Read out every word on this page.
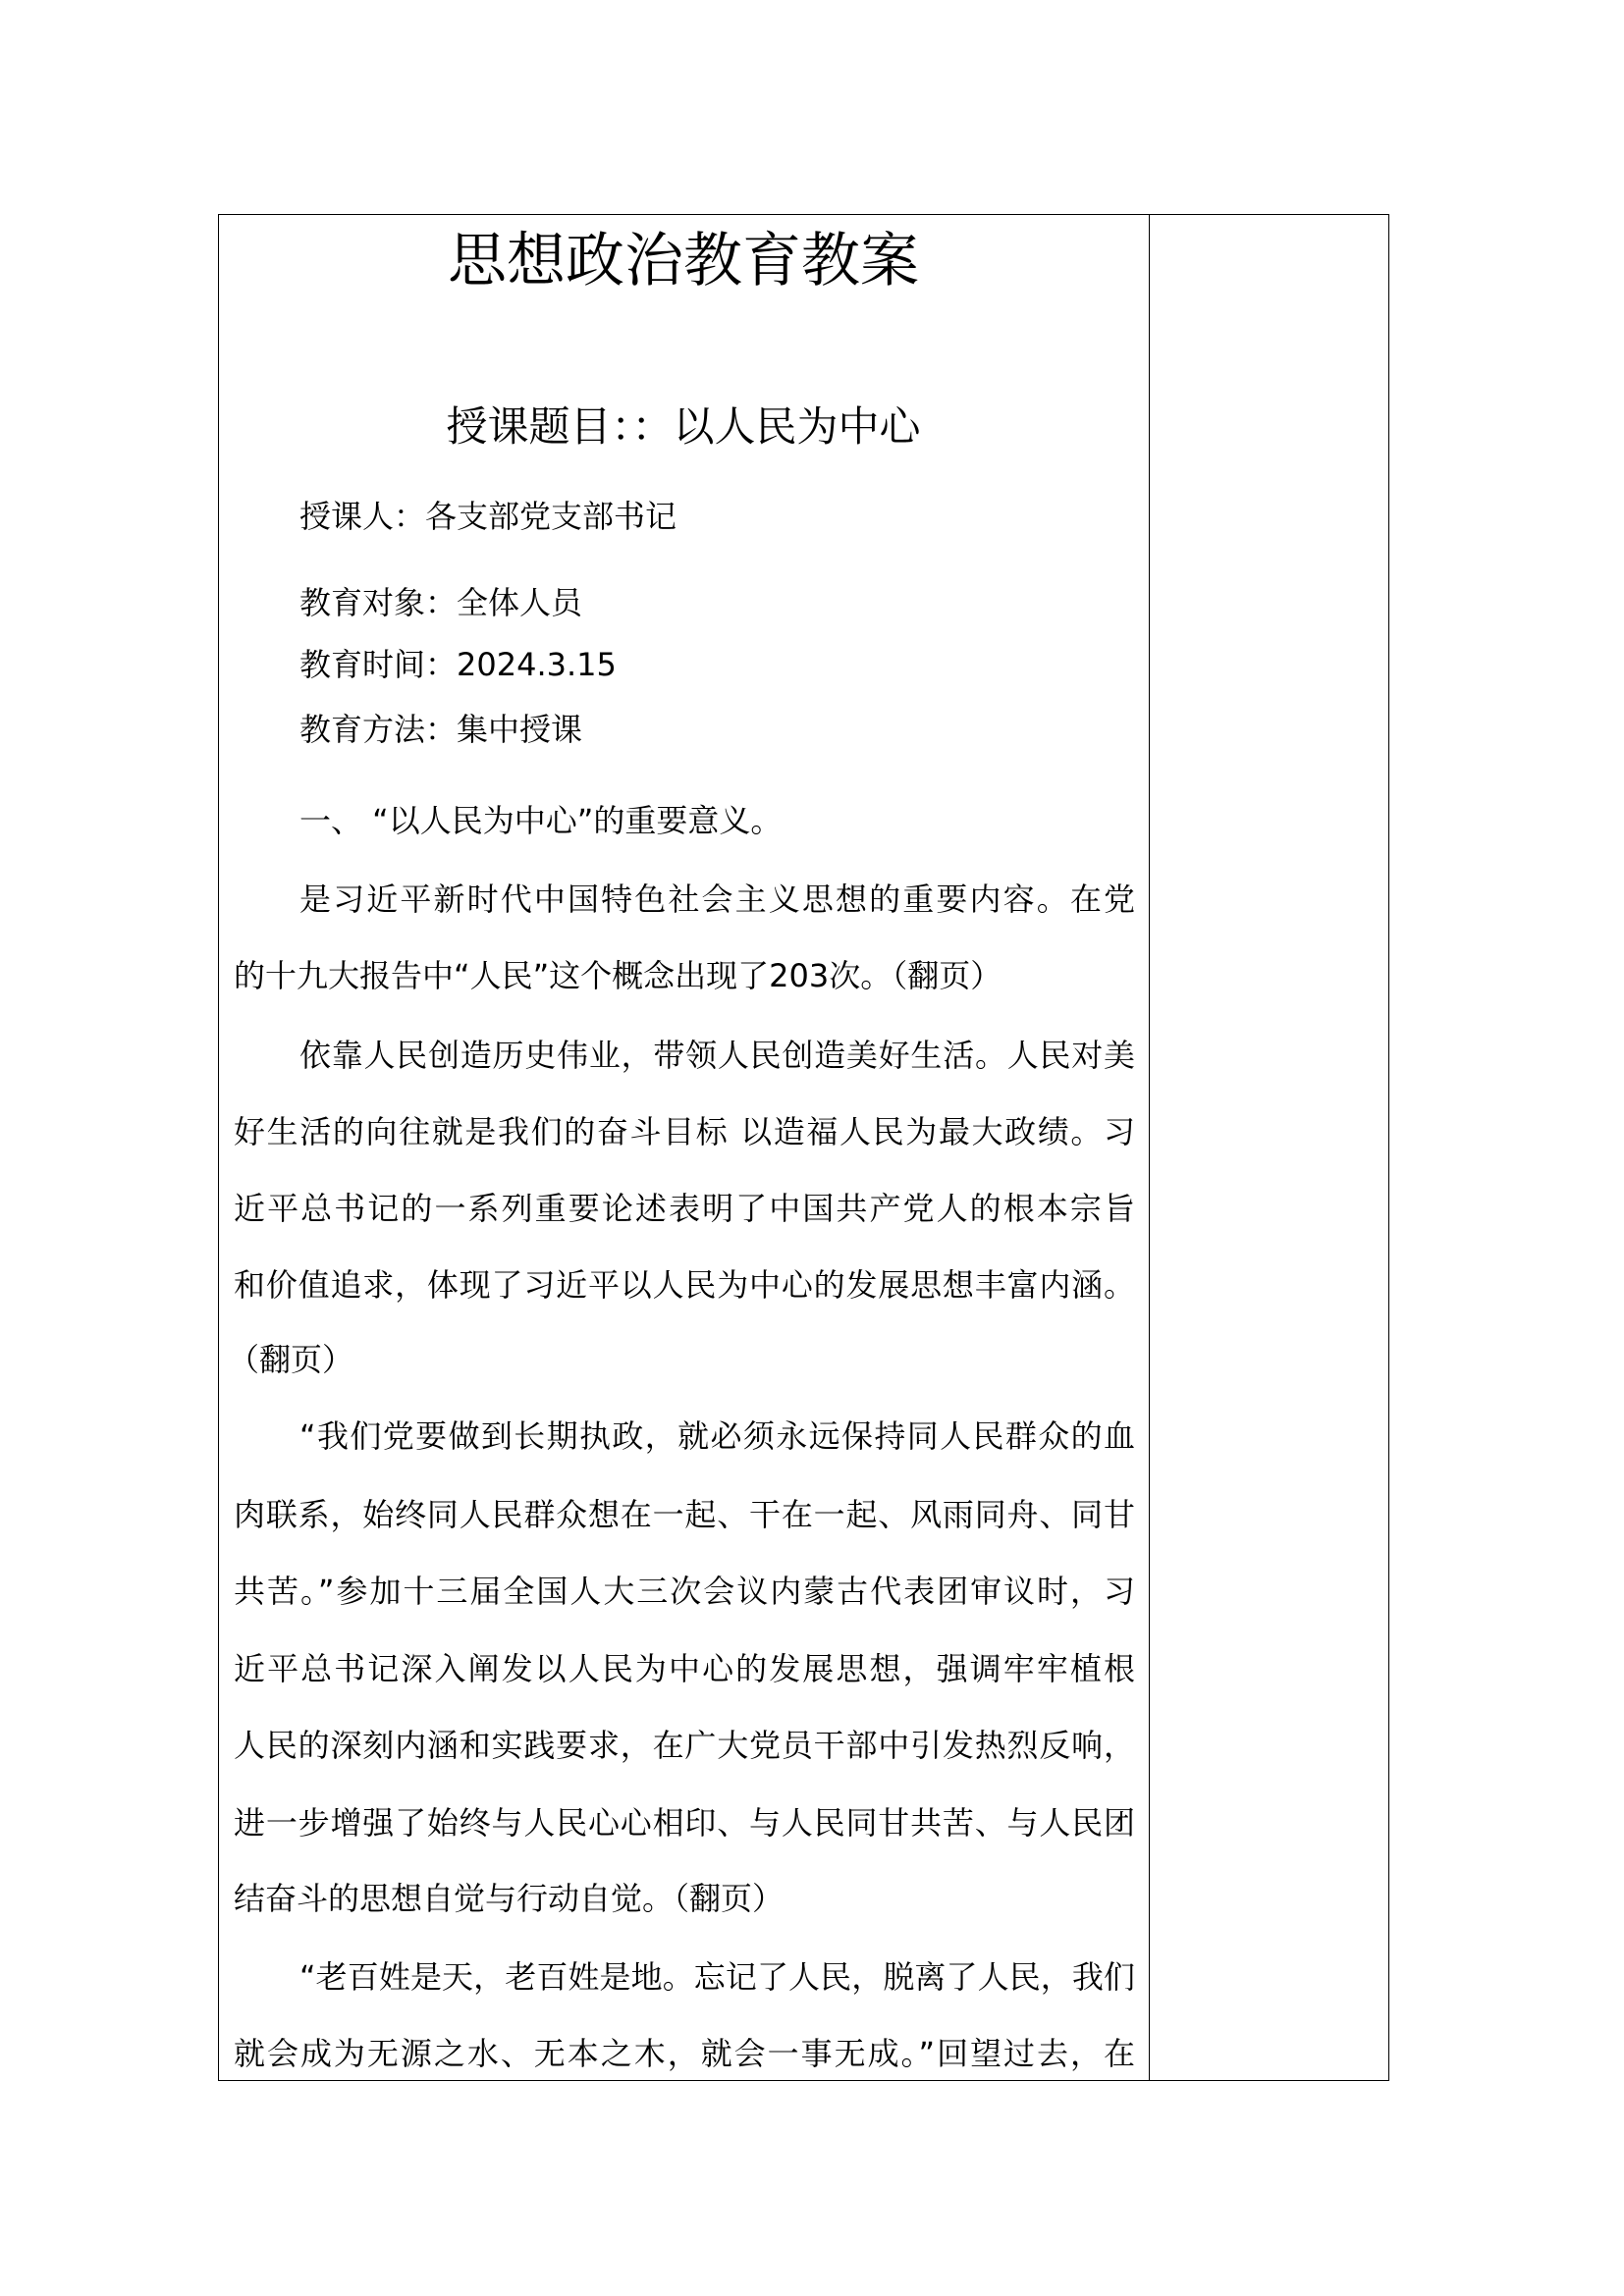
思想政治教育教案
授课题目：：以人民为中心
授课人：各支部党支部书记
教育对象：全体人员
教育时间：2024.3.15
教育方法：集中授课
一、 “以人民为中心”的重要意义。
是习近平新时代中国特色社会主义思想的重要内容。在党
的十九大报告中“人民”这个概念出现了203次。（翻页）
依靠人民创造历史伟业，带领人民创造美好生活。人民对美
好生活的向往就是我们的奋斗目标 以造福人民为最大政绩。习
近平总书记的一系列重要论述表明了中国共产党人的根本宗旨
和价值追求，体现了习近平以人民为中心的发展思想丰富内涵。
（翻页）
“我们党要做到长期执政，就必须永远保持同人民群众的血
肉联系，始终同人民群众想在一起、干在一起、风雨同舟、同甘
共苦。”参加十三届全国人大三次会议内蒙古代表团审议时，习
近平总书记深入阐发以人民为中心的发展思想，强调牢牢植根
人民的深刻内涵和实践要求，在广大党员干部中引发热烈反响，
进一步增强了始终与人民心心相印、与人民同甘共苦、与人民团
结奋斗的思想自觉与行动自觉。（翻页）
“老百姓是天，老百姓是地。忘记了人民，脱离了人民，我们
就会成为无源之水、无本之木，就会一事无成。”回望过去，在
